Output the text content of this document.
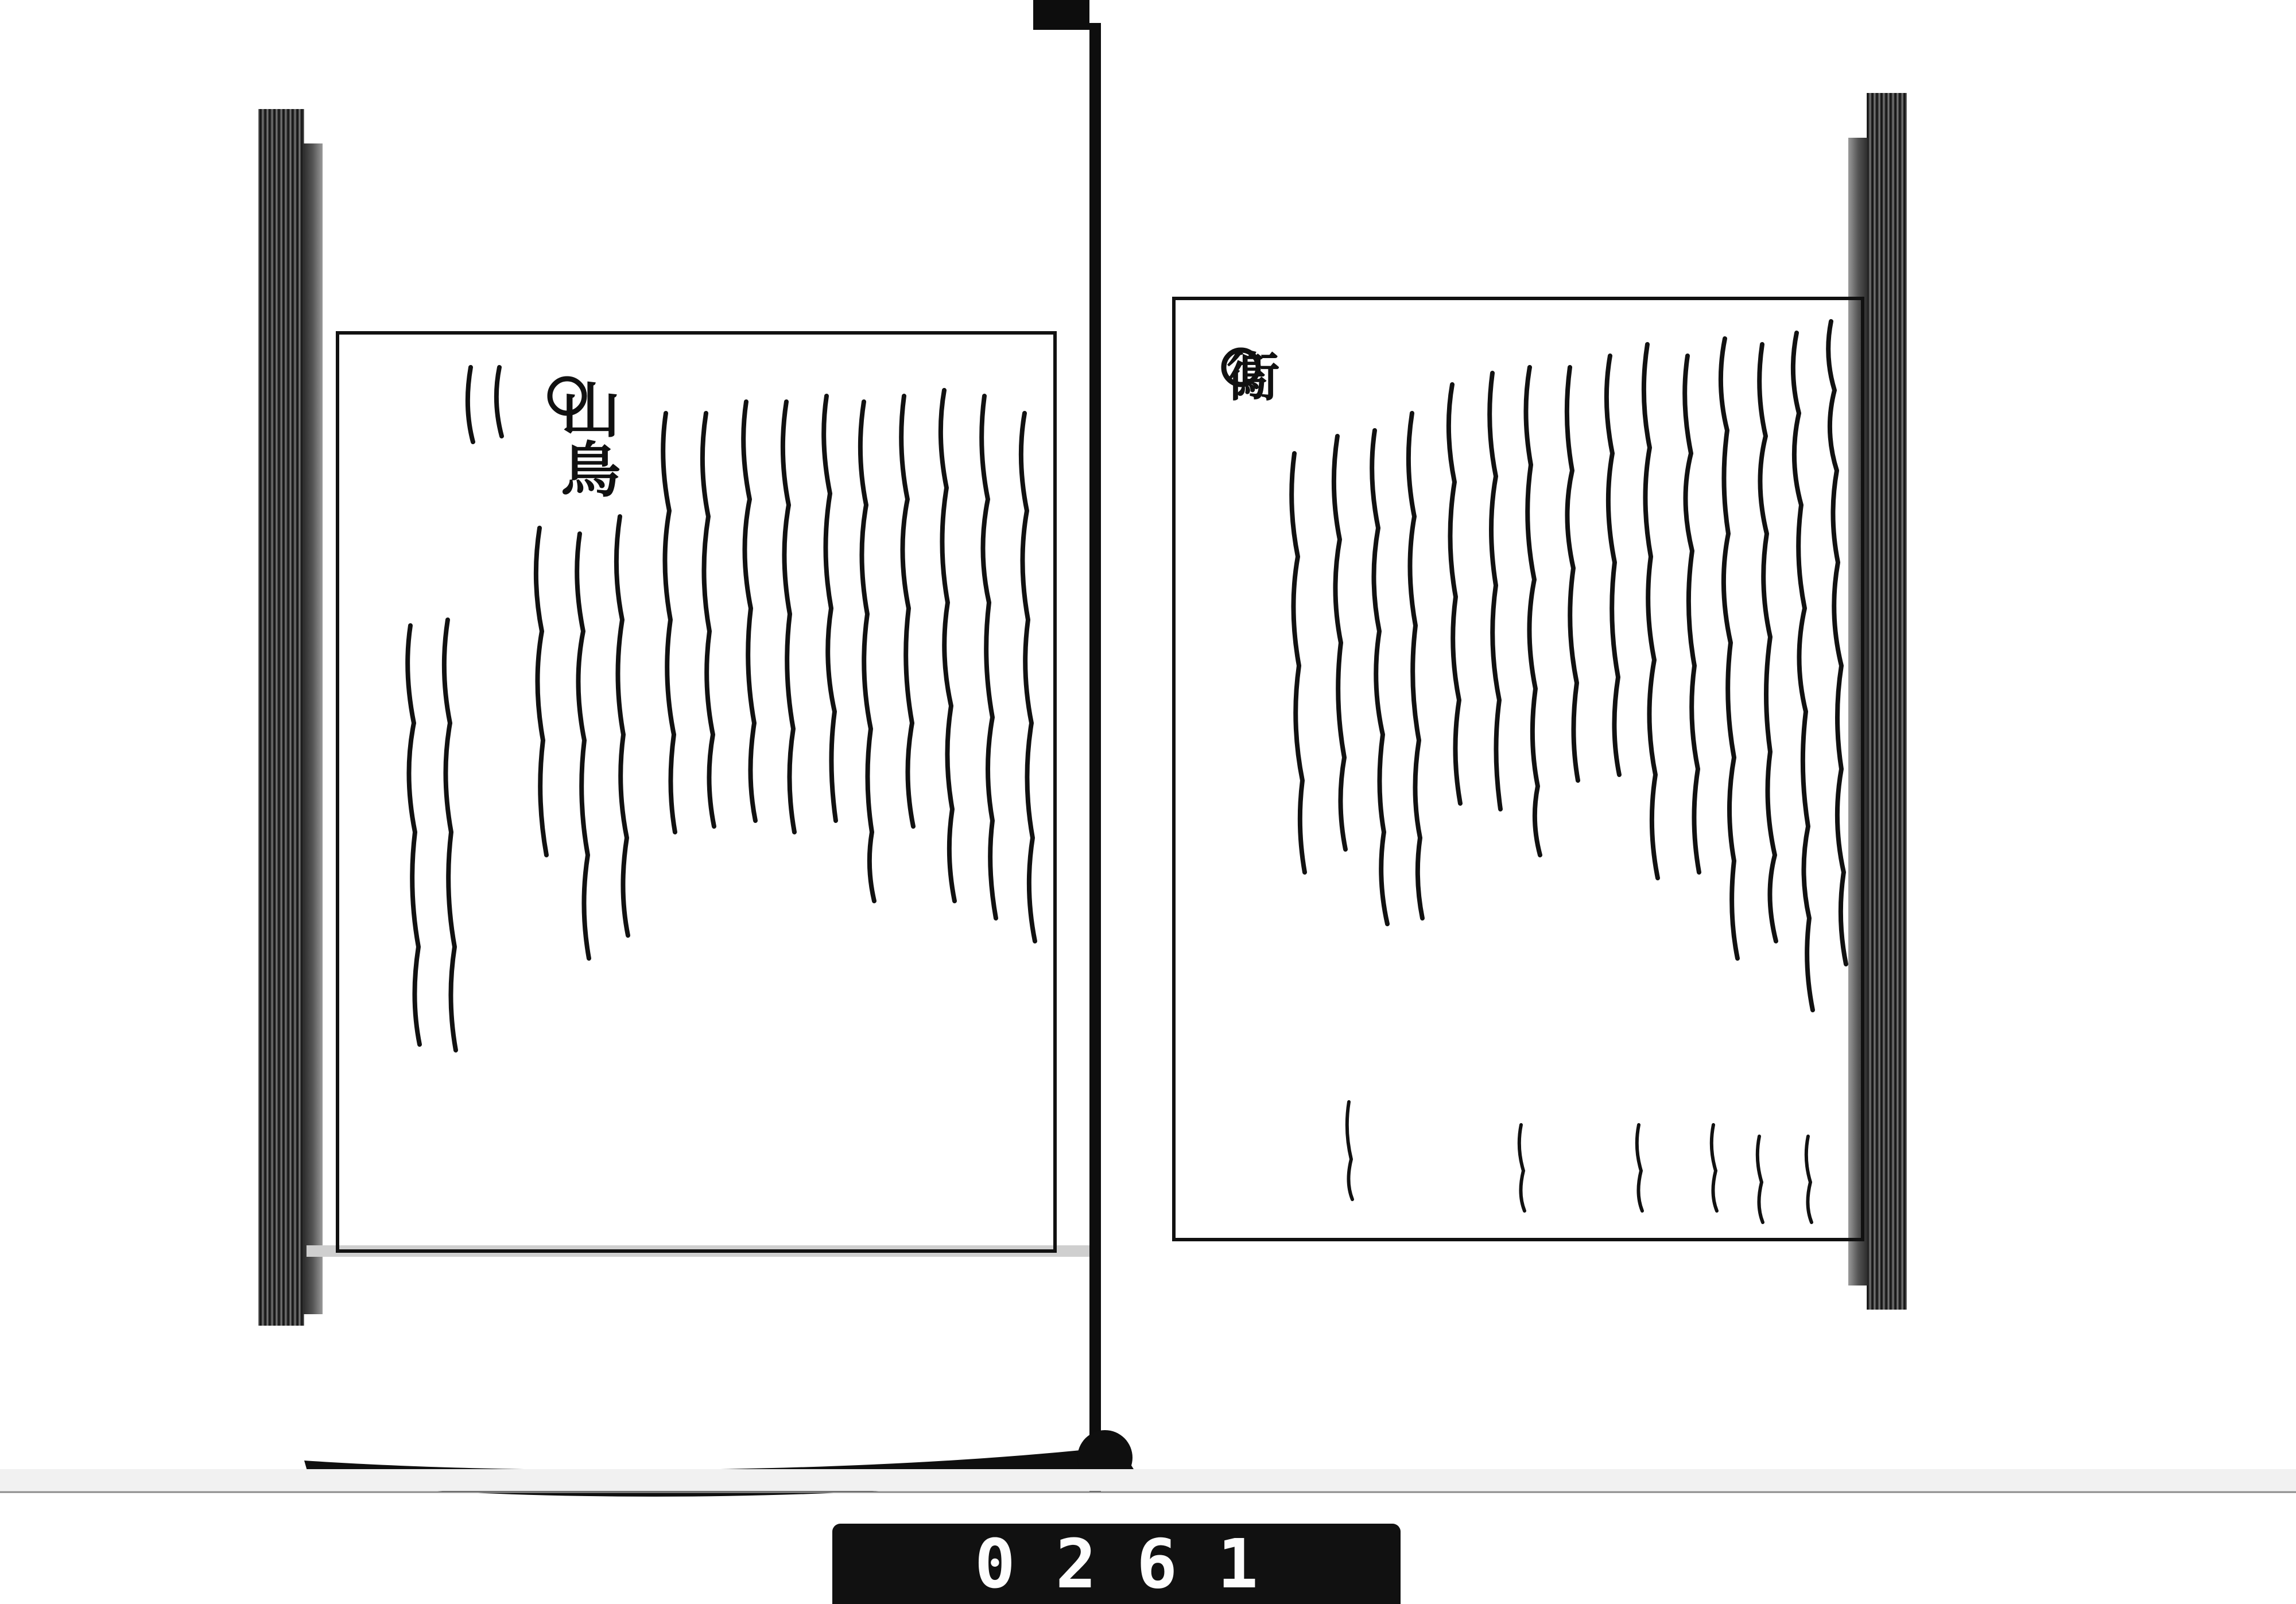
鵆
山鳥
0261
